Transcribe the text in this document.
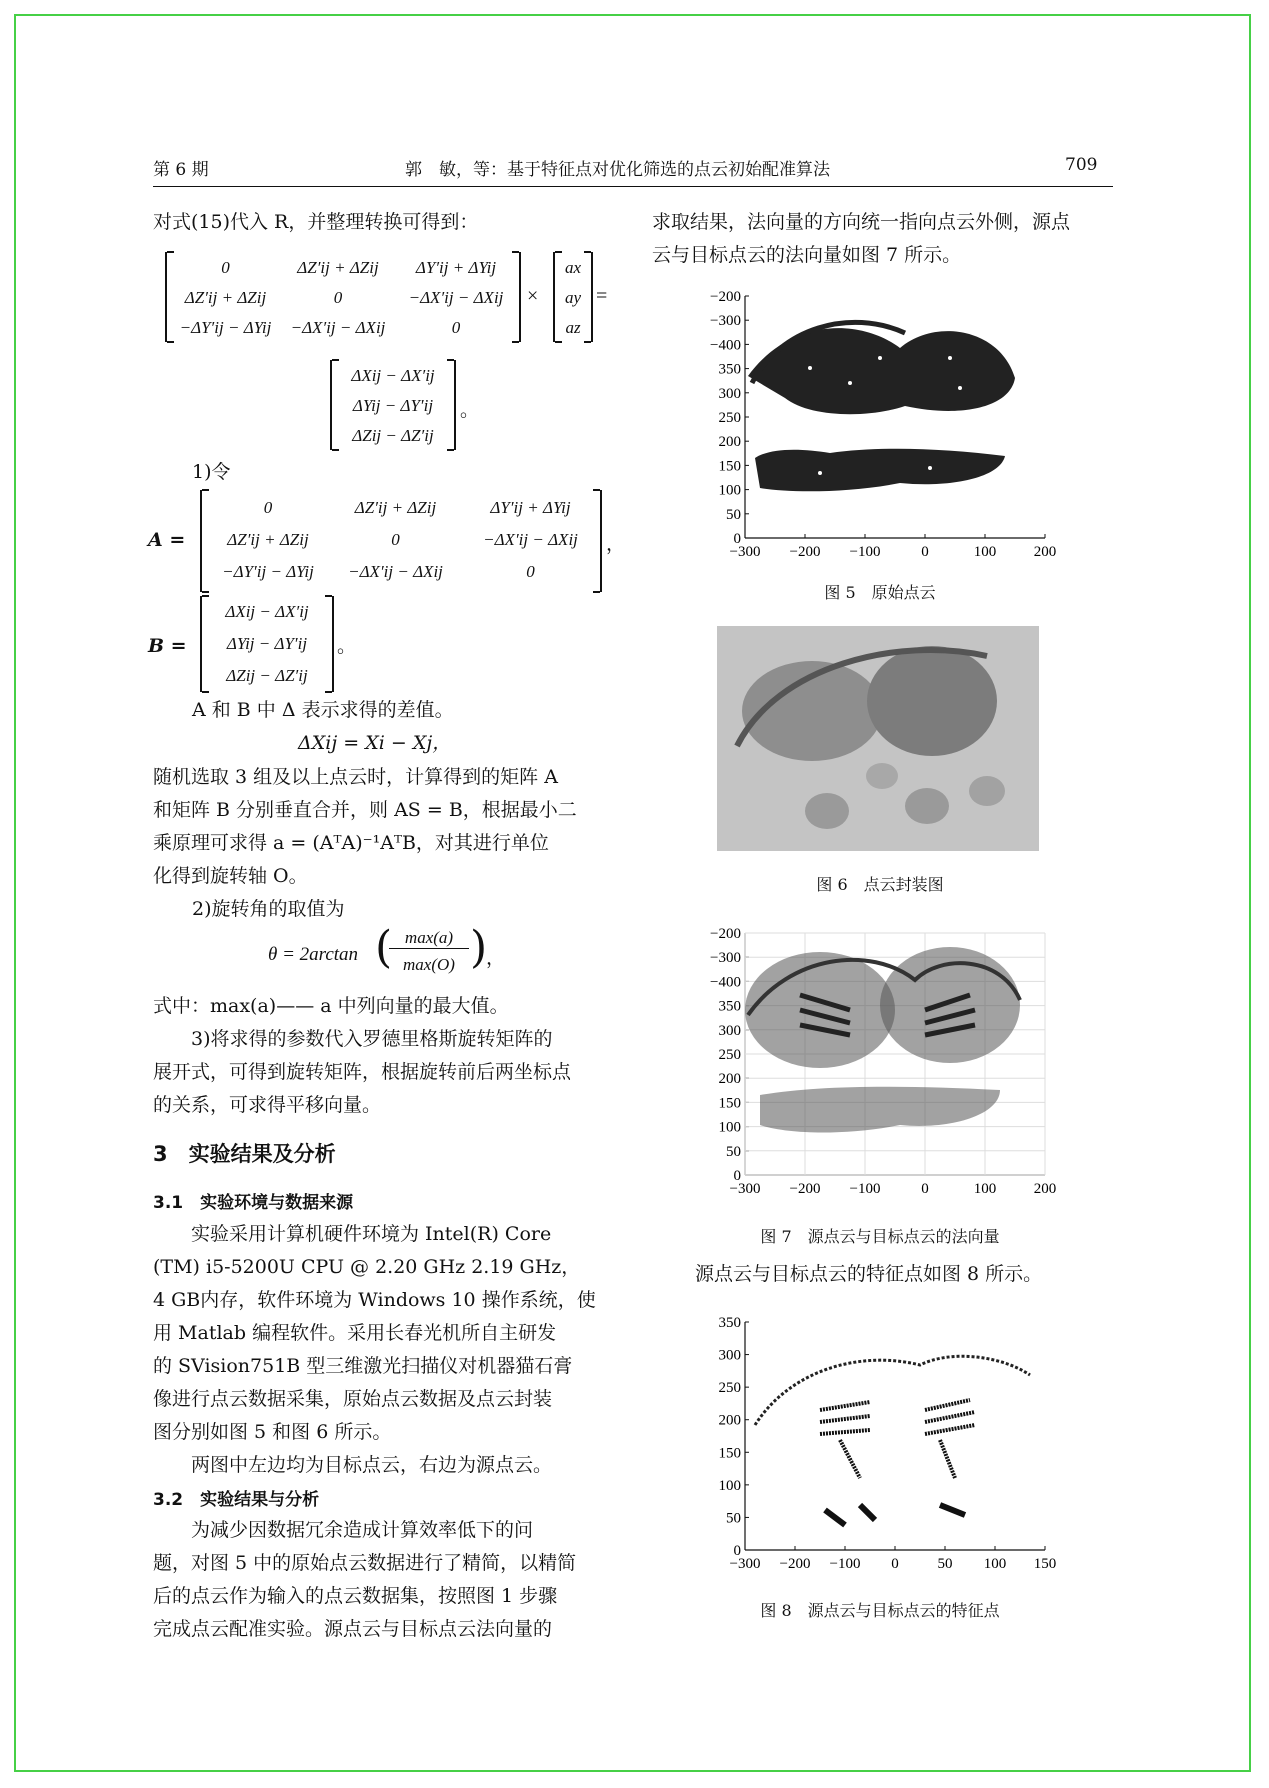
第 6 期	郭　敏，等：基于特征点对优化筛选的点云初始配准算法	709
对式(15)代入 R，并整理转换可得到：
0	ΔZ′ij + ΔZij	ΔY′ij + ΔYij
ΔZ′ij + ΔZij	0	−ΔX′ij − ΔXij
−ΔY′ij − ΔYij	−ΔX′ij − ΔXij	0
×
ax
ay
az
=
ΔXij − ΔX′ij
ΔYij − ΔY′ij
ΔZij − ΔZ′ij
。
1)令
A =
0	ΔZ′ij + ΔZij	ΔY′ij + ΔYij
ΔZ′ij + ΔZij	0	−ΔX′ij − ΔXij
−ΔY′ij − ΔYij	−ΔX′ij − ΔXij	0
，
B =
ΔXij − ΔX′ij
ΔYij − ΔY′ij
ΔZij − ΔZ′ij
。
A 和 B 中 Δ 表示求得的差值。
ΔXij = Xi − Xj，
随机选取 3 组及以上点云时，计算得到的矩阵 A
和矩阵 B 分别垂直合并，则 AS = B，根据最小二
乘原理可求得 a = (AᵀA)⁻¹AᵀB，对其进行单位
化得到旋转轴 O。
2)旋转角的取值为
θ = 2arctan ( max(a)
max(O) )
，
式中：max(a)—— a 中列向量的最大值。
3)将求得的参数代入罗德里格斯旋转矩阵的
展开式，可得到旋转矩阵，根据旋转前后两坐标点
的关系，可求得平移向量。
3　实验结果及分析
3.1　实验环境与数据来源
实验采用计算机硬件环境为 Intel(R) Core
(TM) i5-5200U CPU @ 2.20 GHz 2.19 GHz，
4 GB内存，软件环境为 Windows 10 操作系统，使
用 Matlab 编程软件。采用长春光机所自主研发
的 SVision751B 型三维激光扫描仪对机器猫石膏
像进行点云数据采集，原始点云数据及点云封装
图分别如图 5 和图 6 所示。
两图中左边均为目标点云，右边为源点云。
3.2　实验结果与分析
为减少因数据冗余造成计算效率低下的问
题，对图 5 中的原始点云数据进行了精简，以精简
后的点云作为输入的点云数据集，按照图 1 步骤
完成点云配准实验。源点云与目标点云法向量的
求取结果，法向量的方向统一指向点云外侧，源点
云与目标点云的法向量如图 7 所示。
−200
−300
−400
350
300
250
200
150
100
50
0
−300 −200 −100	0	100	200
图 5　原始点云
图 6　点云封装图
−200
−300
−400
350
300
250
200
150
100
50
0
−300 −200 −100	0	100	200
图 7　源点云与目标点云的法向量
源点云与目标点云的特征点如图 8 所示。
350
300
250
200
150
100
50
0
−300 −200 −100 0	50 100 150
图 8　源点云与目标点云的特征点
